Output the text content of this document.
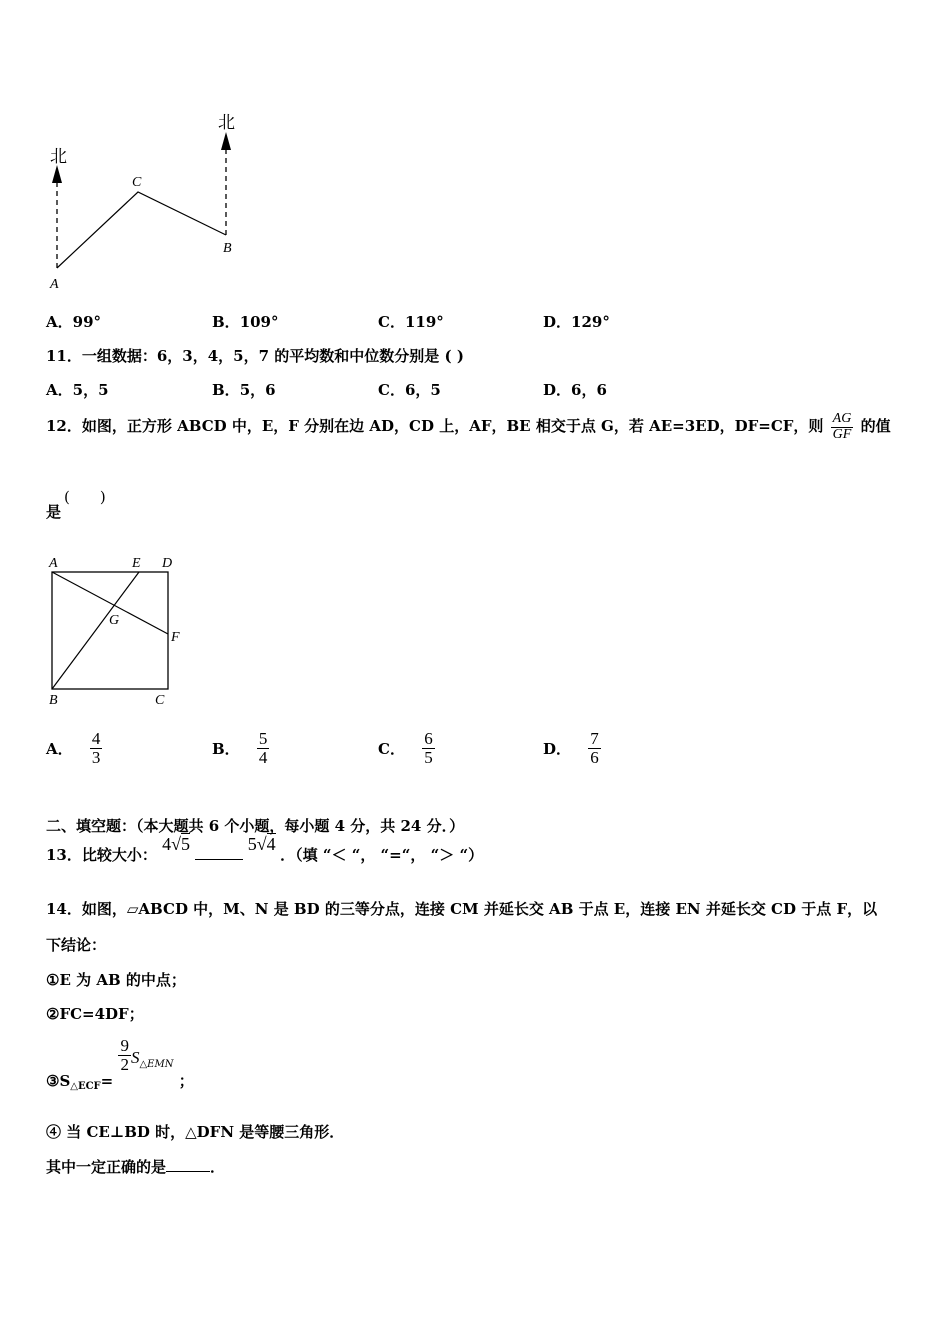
北
北
A
C
B
A．99°	B．109°	C．119°	D．129°
11．一组数据：6，3，4，5，7 的平均数和中位数分别是 ( )
A．5，5	B．5，6	C．6，5	D．6，6
12．如图，正方形 ABCD 中，E，F 分别在边 AD，CD 上，AF，BE 相交于点 G，若 AE=3ED，DF=CF，则 $\frac{AG}{GF}$ 的值
是
(　　)
A	E D
G
F
B	C
A． $\frac{4}{3}$	B． $\frac{5}{4}$	C． $\frac{6}{5}$	D． $\frac{7}{6}$
二、填空题：（本大题共 6 个小题，每小题 4 分，共 24 分．）
13．比较大小： 4√5	5√4 ．（填 “＜ “， “=“， “＞ “）
14．如图，▱ABCD 中，M、N 是 BD 的三等分点，连接 CM 并延长交 AB 于点 E，连接 EN 并延长交 CD 于点 F，以
下结论：
①E 为 AB 的中点；
②FC=4DF；
$③S_{\triangle ECF}=$
$\frac{9}{2} S_{\triangle EMN}$ ；
④ 当 CE⊥BD 时，△DFN 是等腰三角形．
其中一定正确的是	．
